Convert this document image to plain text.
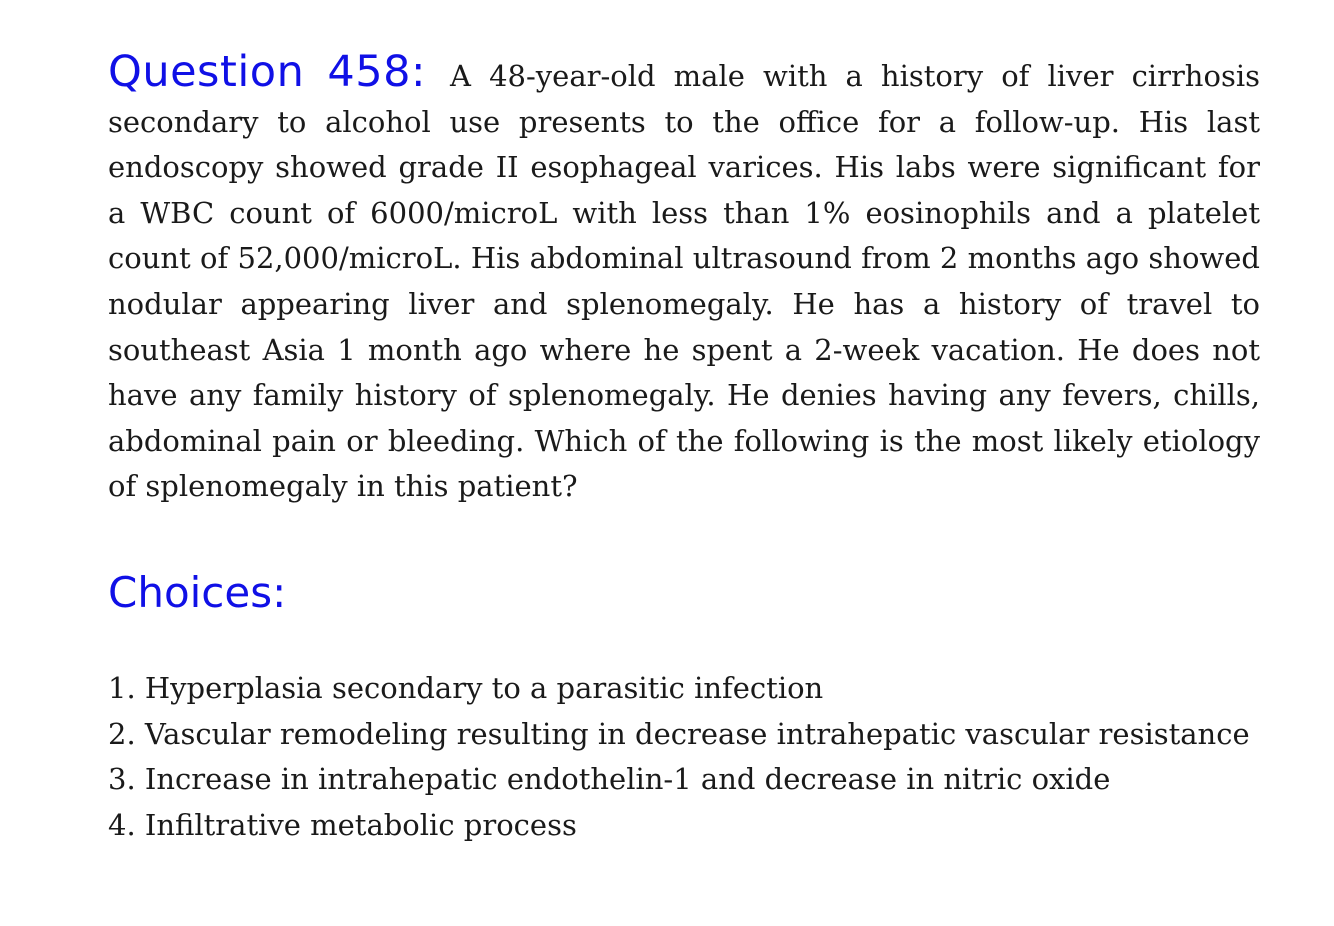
Question 458: A 48-year-old male with a history of liver cirrhosis secondary to alcohol use presents to the office for a follow-up. His last endoscopy showed grade II esophageal varices. His labs were significant for a WBC count of 6000/microL with less than 1% eosinophils and a platelet count of 52,000/microL. His abdominal ultrasound from 2 months ago showed nodular appearing liver and splenomegaly. He has a history of travel to southeast Asia 1 month ago where he spent a 2-week vacation. He does not have any family history of splenomegaly. He denies having any fevers, chills, abdominal pain or bleeding. Which of the following is the most likely etiology of splenomegaly in this patient?

Choices:
1. Hyperplasia secondary to a parasitic infection
2. Vascular remodeling resulting in decrease intrahepatic vascular resistance
3. Increase in intrahepatic endothelin-1 and decrease in nitric oxide
4. Infiltrative metabolic process
